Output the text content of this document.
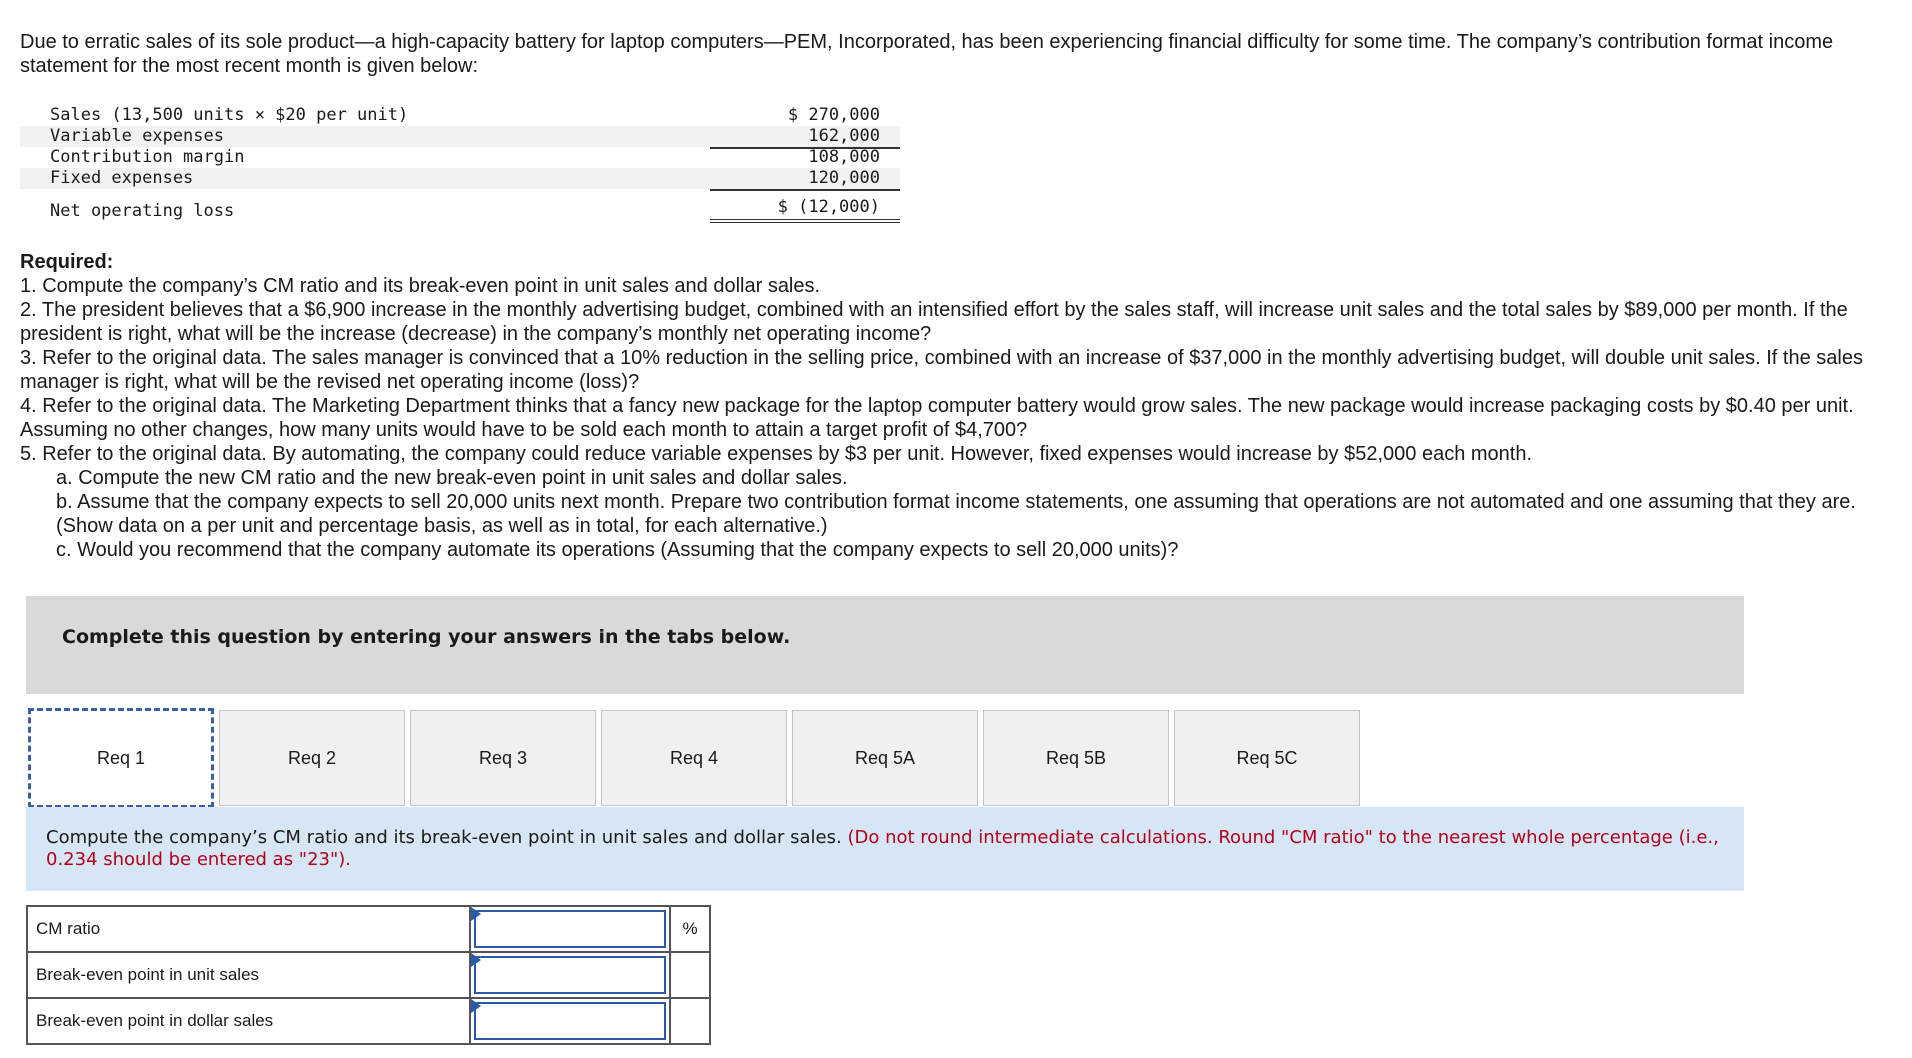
Due to erratic sales of its sole product—a high-capacity battery for laptop computers—PEM, Incorporated, has been experiencing financial difficulty for some time. The company’s contribution format income statement for the most recent month is given below:
Sales (13,500 units × $20 per unit)	$ 270,000
Variable expenses	162,000
Contribution margin	108,000
Fixed expenses	120,000
Net operating loss	$ (12,000)
Required:
1. Compute the company’s CM ratio and its break-even point in unit sales and dollar sales.
2. The president believes that a $6,900 increase in the monthly advertising budget, combined with an intensified effort by the sales staff, will increase unit sales and the total sales by $89,000 per month. If the president is right, what will be the increase (decrease) in the company’s monthly net operating income?
3. Refer to the original data. The sales manager is convinced that a 10% reduction in the selling price, combined with an increase of $37,000 in the monthly advertising budget, will double unit sales. If the sales manager is right, what will be the revised net operating income (loss)?
4. Refer to the original data. The Marketing Department thinks that a fancy new package for the laptop computer battery would grow sales. The new package would increase packaging costs by $0.40 per unit. Assuming no other changes, how many units would have to be sold each month to attain a target profit of $4,700?
5. Refer to the original data. By automating, the company could reduce variable expenses by $3 per unit. However, fixed expenses would increase by $52,000 each month.
a. Compute the new CM ratio and the new break-even point in unit sales and dollar sales.
b. Assume that the company expects to sell 20,000 units next month. Prepare two contribution format income statements, one assuming that operations are not automated and one assuming that they are. (Show data on a per unit and percentage basis, as well as in total, for each alternative.)
c. Would you recommend that the company automate its operations (Assuming that the company expects to sell 20,000 units)?
Complete this question by entering your answers in the tabs below.
Req 1	Req 2	Req 3	Req 4	Req 5A	Req 5B	Req 5C

Compute the company’s CM ratio and its break-even point in unit sales and dollar sales. (Do not round intermediate calculations. Round "CM ratio" to the nearest whole percentage (i.e., 0.234 should be entered as "23").

CM ratio		%
Break-even point in unit sales	

Break-even point in dollar sales	
